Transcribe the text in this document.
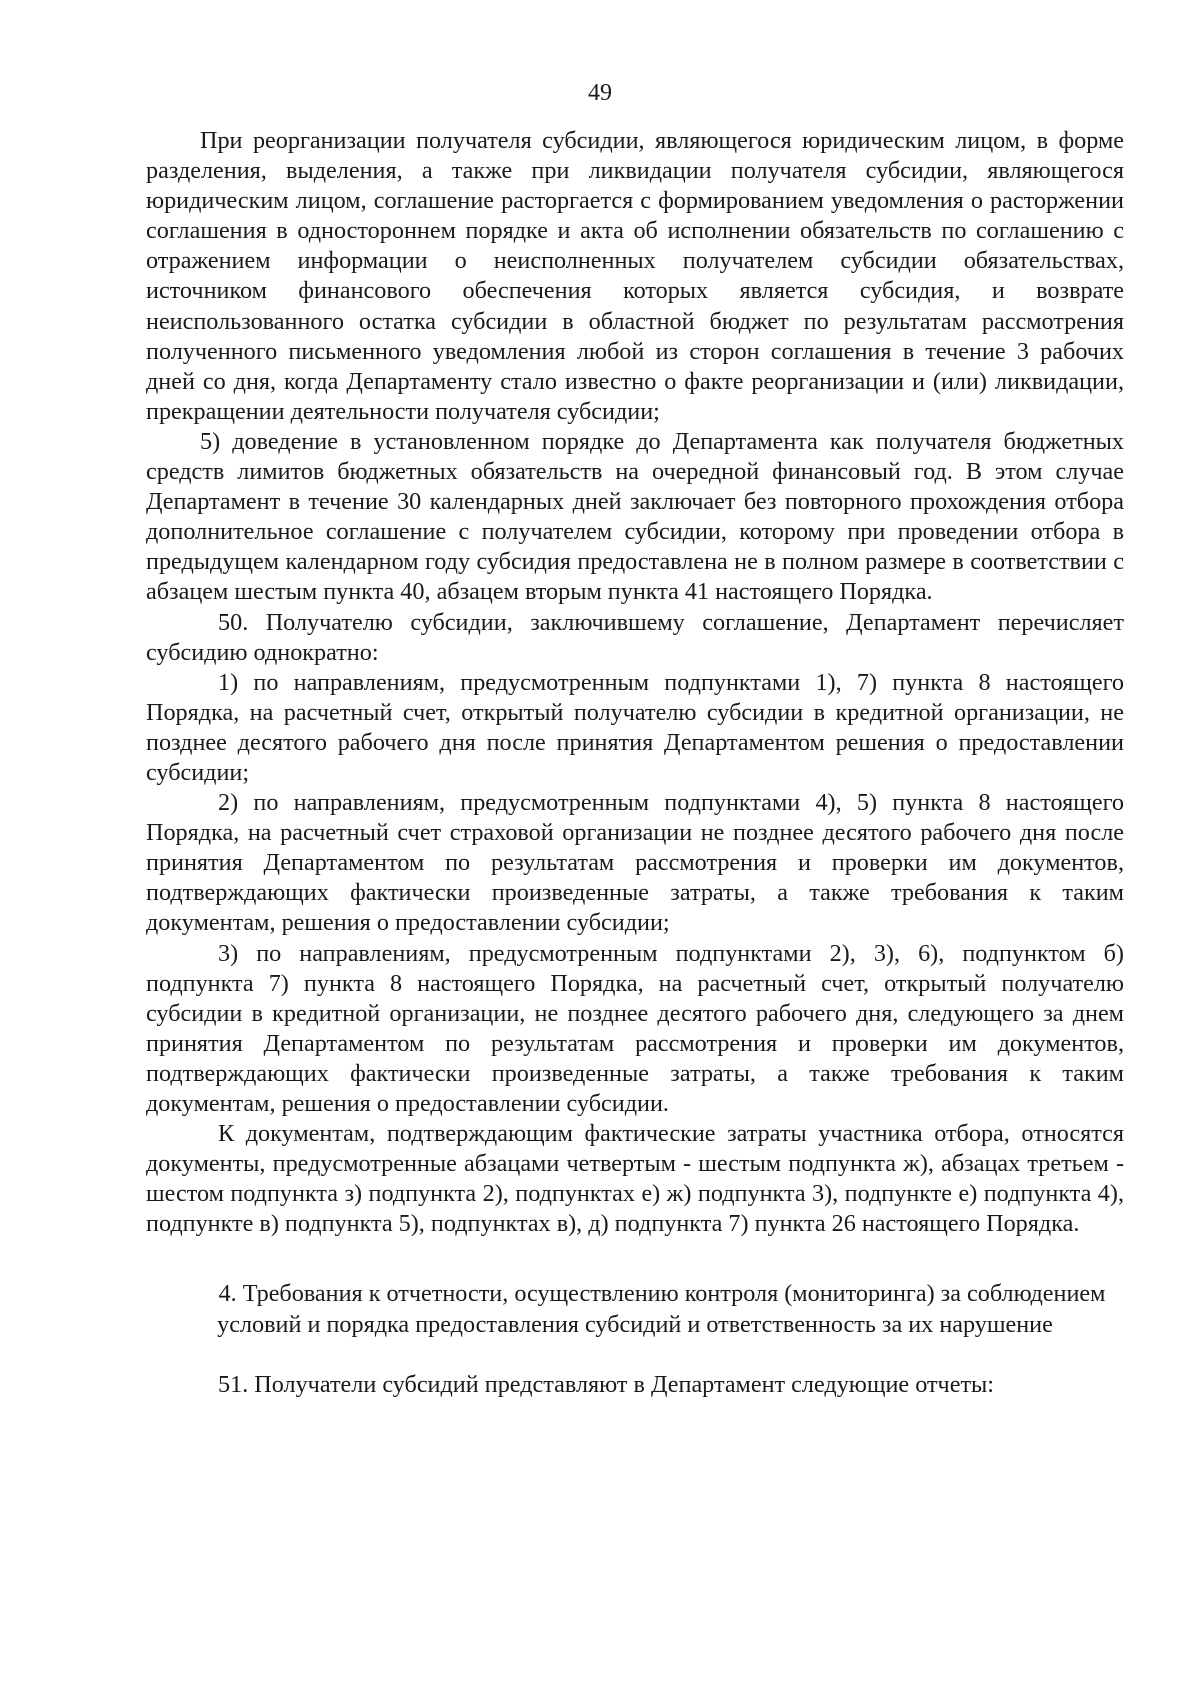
49

При реорганизации получателя субсидии, являющегося юридическим лицом, в форме разделения, выделения, а также при ликвидации получателя субсидии, являющегося юридическим лицом, соглашение расторгается с формированием уведомления о расторжении соглашения в одностороннем порядке и акта об исполнении обязательств по соглашению с отражением информации о неисполненных получателем субсидии обязательствах, источником финансового обеспечения которых является субсидия, и возврате неиспользованного остатка субсидии в областной бюджет по результатам рассмотрения полученного письменного уведомления любой из сторон соглашения в течение 3 рабочих дней со дня, когда Департаменту стало известно о факте реорганизации и (или) ликвидации, прекращении деятельности получателя субсидии;

5) доведение в установленном порядке до Департамента как получателя бюджетных средств лимитов бюджетных обязательств на очередной финансовый год. В этом случае Департамент в течение 30 календарных дней заключает без повторного прохождения отбора дополнительное соглашение с получателем субсидии, которому при проведении отбора в предыдущем календарном году субсидия предоставлена не в полном размере в соответствии с абзацем шестым пункта 40, абзацем вторым пункта 41 настоящего Порядка.

50. Получателю субсидии, заключившему соглашение, Департамент перечисляет субсидию однократно:

1) по направлениям, предусмотренным подпунктами 1), 7) пункта 8 настоящего Порядка, на расчетный счет, открытый получателю субсидии в кредитной организации, не позднее десятого рабочего дня после принятия Департаментом решения о предоставлении субсидии;

2) по направлениям, предусмотренным подпунктами 4), 5) пункта 8 настоящего Порядка, на расчетный счет страховой организации не позднее десятого рабочего дня после принятия Департаментом по результатам рассмотрения и проверки им документов, подтверждающих фактически произведенные затраты, а также требования к таким документам, решения о предоставлении субсидии;

3) по направлениям, предусмотренным подпунктами 2), 3), 6), подпунктом б) подпункта 7) пункта 8 настоящего Порядка, на расчетный счет, открытый получателю субсидии в кредитной организации, не позднее десятого рабочего дня, следующего за днем принятия Департаментом по результатам рассмотрения и проверки им документов, подтверждающих фактически произведенные затраты, а также требования к таким документам, решения о предоставлении субсидии.

К документам, подтверждающим фактические затраты участника отбора, относятся документы, предусмотренные абзацами четвертым - шестым подпункта ж), абзацах третьем - шестом подпункта з) подпункта 2), подпунктах е) ж) подпункта 3), подпункте е) подпункта 4), подпункте в) подпункта 5), подпунктах в), д) подпункта 7) пункта 26 настоящего Порядка.

4. Требования к отчетности, осуществлению контроля (мониторинга) за соблюдением условий и порядка предоставления субсидий и ответственность за их нарушение

51. Получатели субсидий представляют в Департамент следующие отчеты:
